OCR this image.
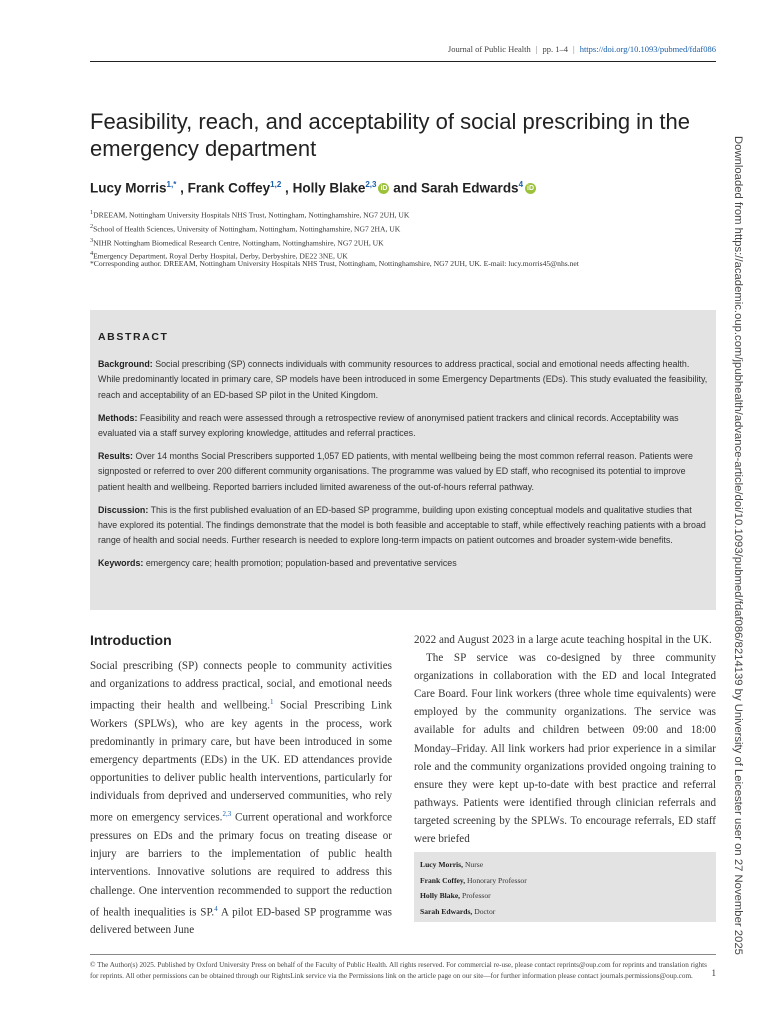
Journal of Public Health | pp. 1–4 | https://doi.org/10.1093/pubmed/fdaf086
Feasibility, reach, and acceptability of social prescribing in the emergency department
Lucy Morris$^{1,*}$ , Frank Coffey$^{1,2}$ , Holly Blake$^{2,3}$ iD and Sarah Edwards$^4$ iD
$^1$DREEAM, Nottingham University Hospitals NHS Trust, Nottingham, Nottinghamshire, NG7 2UH, UK
$^2$School of Health Sciences, University of Nottingham, Nottingham, Nottinghamshire, NG7 2HA, UK
$^3$NIHR Nottingham Biomedical Research Centre, Nottingham, Nottinghamshire, NG7 2UH, UK
$^4$Emergency Department, Royal Derby Hospital, Derby, Derbyshire, DE22 3NE, UK
*Corresponding author. DREEAM, Nottingham University Hospitals NHS Trust, Nottingham, Nottinghamshire, NG7 2UH, UK. E-mail: lucy.morris45@nhs.net
ABSTRACT

Background: Social prescribing (SP) connects individuals with community resources to address practical, social and emotional needs affecting health. While predominantly located in primary care, SP models have been introduced in some Emergency Departments (EDs). This study evaluated the feasibility, reach and acceptability of an ED-based SP pilot in the United Kingdom.

Methods: Feasibility and reach were assessed through a retrospective review of anonymised patient trackers and clinical records. Acceptability was evaluated via a staff survey exploring knowledge, attitudes and referral practices.

Results: Over 14 months Social Prescribers supported 1,057 ED patients, with mental wellbeing being the most common referral reason. Patients were signposted or referred to over 200 different community organisations. The programme was valued by ED staff, who recognised its potential to improve patient health and wellbeing. Reported barriers included limited awareness of the out-of-hours referral pathway.

Discussion: This is the first published evaluation of an ED-based SP programme, building upon existing conceptual models and qualitative studies that have explored its potential. The findings demonstrate that the model is both feasible and acceptable to staff, while effectively reaching patients with a broad range of health and social needs. Further research is needed to explore long-term impacts on patient outcomes and broader system-wide benefits.

Keywords: emergency care; health promotion; population-based and preventative services

Introduction

Social prescribing (SP) connects people to community activities and organizations to address practical, social, and emotional needs impacting their health and wellbeing.$^1$ Social Prescribing Link Workers (SPLWs), who are key agents in the process, work predominantly in primary care, but have been introduced in some emergency departments (EDs) in the UK. ED attendances provide opportunities to deliver public health interventions, particularly for individuals from deprived and underserved communities, who rely more on emergency services.$^{2,3}$ Current operational and workforce pressures on EDs and the primary focus on treating disease or injury are barriers to the implementation of public health interventions. Innovative solutions are required to address this challenge. One intervention recommended to support the reduction of health inequalities is SP.$^4$ A pilot ED-based SP programme was delivered between June

2022 and August 2023 in a large acute teaching hospital in the UK.

The SP service was co-designed by three community organizations in collaboration with the ED and local Integrated Care Board. Four link workers (three whole time equivalents) were employed by the community organizations. The service was available for adults and children between 09:00 and 18:00 Monday–Friday. All link workers had prior experience in a similar role and the community organizations provided ongoing training to ensure they were kept up-to-date with best practice and referral pathways. Patients were identified through clinician referrals and targeted screening by the SPLWs. To encourage referrals, ED staff were briefed

Lucy Morris, Nurse
Frank Coffey, Honorary Professor
Holly Blake, Professor
Sarah Edwards, Doctor
© The Author(s) 2025. Published by Oxford University Press on behalf of the Faculty of Public Health. All rights reserved. For commercial re-use, please contact reprints@oup.com for reprints and translation rights for reprints. All other permissions can be obtained through our RightsLink service via the Permissions link on the article page on our site—for further information please contact journals.permissions@oup.com.	1
Downloaded from https://academic.oup.com/jpubhealth/advance-article/doi/10.1093/pubmed/fdaf086/8214139 by University of Leicester user on 27 November 2025
